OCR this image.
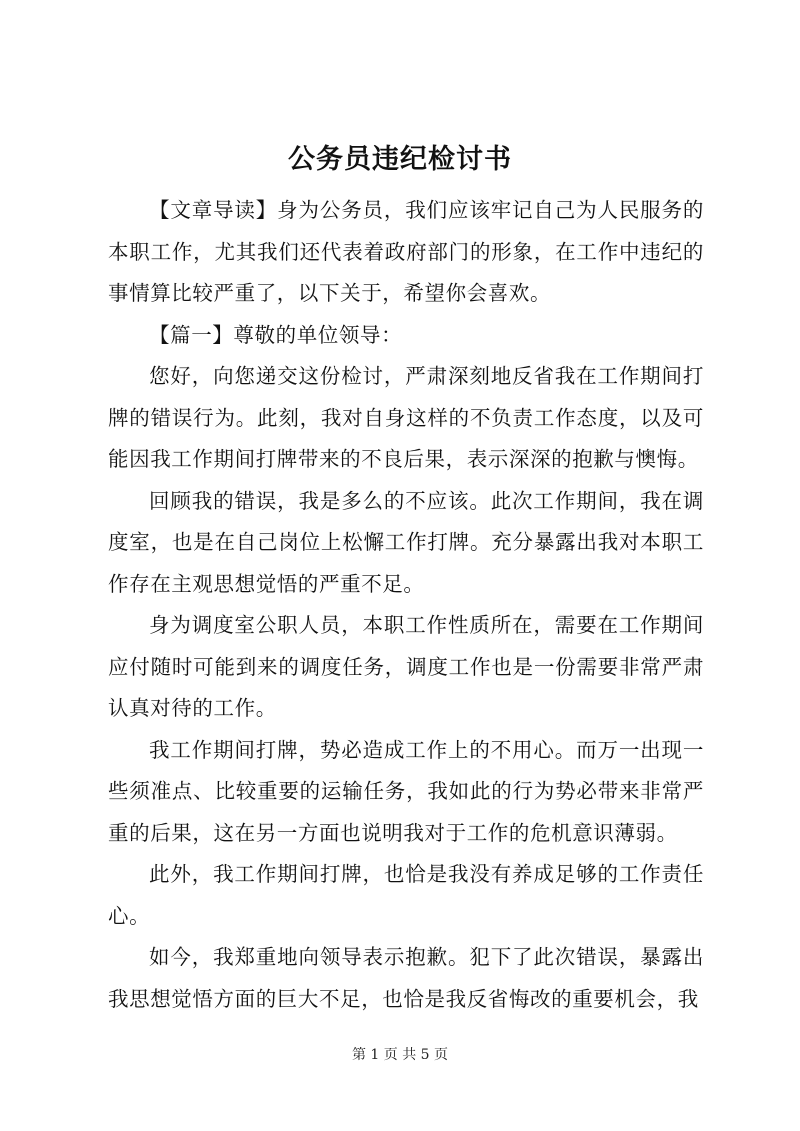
公务员违纪检讨书

【文章导读】身为公务员，我们应该牢记自己为人民服务的本职工作，尤其我们还代表着政府部门的形象，在工作中违纪的事情算比较严重了，以下关于，希望你会喜欢。

【篇一】尊敬的单位领导：

您好，向您递交这份检讨，严肃深刻地反省我在工作期间打牌的错误行为。此刻，我对自身这样的不负责工作态度，以及可能因我工作期间打牌带来的不良后果，表示深深的抱歉与懊悔。

回顾我的错误，我是多么的不应该。此次工作期间，我在调度室，也是在自己岗位上松懈工作打牌。充分暴露出我对本职工作存在主观思想觉悟的严重不足。

身为调度室公职人员，本职工作性质所在，需要在工作期间应付随时可能到来的调度任务，调度工作也是一份需要非常严肃认真对待的工作。

我工作期间打牌，势必造成工作上的不用心。而万一出现一些须准点、比较重要的运输任务，我如此的行为势必带来非常严重的后果，这在另一方面也说明我对于工作的危机意识薄弱。

此外，我工作期间打牌，也恰是我没有养成足够的工作责任心。

如今，我郑重地向领导表示抱歉。犯下了此次错误，暴露出我思想觉悟方面的巨大不足，也恰是我反省悔改的重要机会，我

第 1 页 共 5 页
